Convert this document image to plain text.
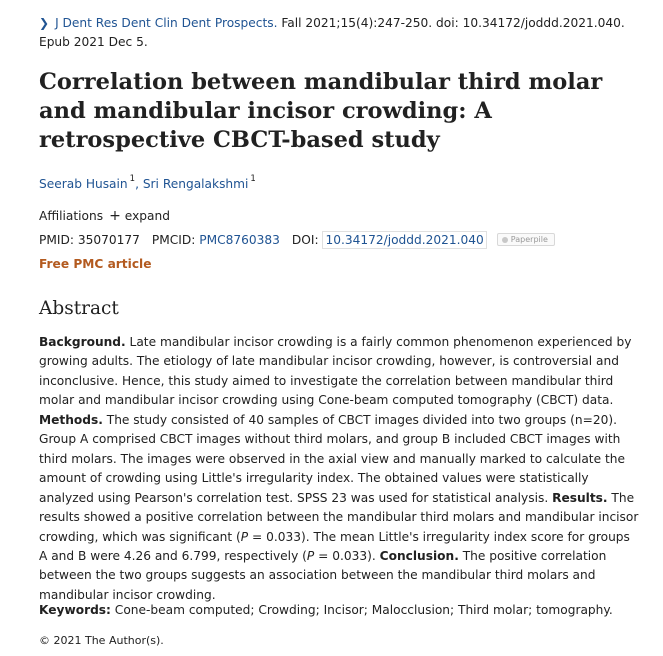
❯ J Dent Res Dent Clin Dent Prospects. Fall 2021;15(4):247-250. doi: 10.34172/joddd.2021.040.
Epub 2021 Dec 5.
Correlation between mandibular third molar and mandibular incisor crowding: A retrospective CBCT-based study
Seerab Husain $^1$, Sri Rengalakshmi $^1$
Affiliations + expand
PMID: 35070177 PMCID: PMC8760383 DOI: 10.34172/joddd.2021.040	Paperpile
Free PMC article
Abstract

Background. Late mandibular incisor crowding is a fairly common phenomenon experienced by growing adults. The etiology of late mandibular incisor crowding, however, is controversial and inconclusive. Hence, this study aimed to investigate the correlation between mandibular third molar and mandibular incisor crowding using Cone-beam computed tomography (CBCT) data. Methods. The study consisted of 40 samples of CBCT images divided into two groups (n=20). Group A comprised CBCT images without third molars, and group B included CBCT images with third molars. The images were observed in the axial view and manually marked to calculate the amount of crowding using Little's irregularity index. The obtained values were statistically analyzed using Pearson's correlation test. SPSS 23 was used for statistical analysis. Results. The results showed a positive correlation between the mandibular third molars and mandibular incisor crowding, which was significant (P = 0.033). The mean Little's irregularity index score for groups A and B were 4.26 and 6.799, respectively (P = 0.033). Conclusion. The positive correlation between the two groups suggests an association between the mandibular third molars and mandibular incisor crowding.

Keywords: Cone-beam computed; Crowding; Incisor; Malocclusion; Third molar; tomography.
© 2021 The Author(s).
